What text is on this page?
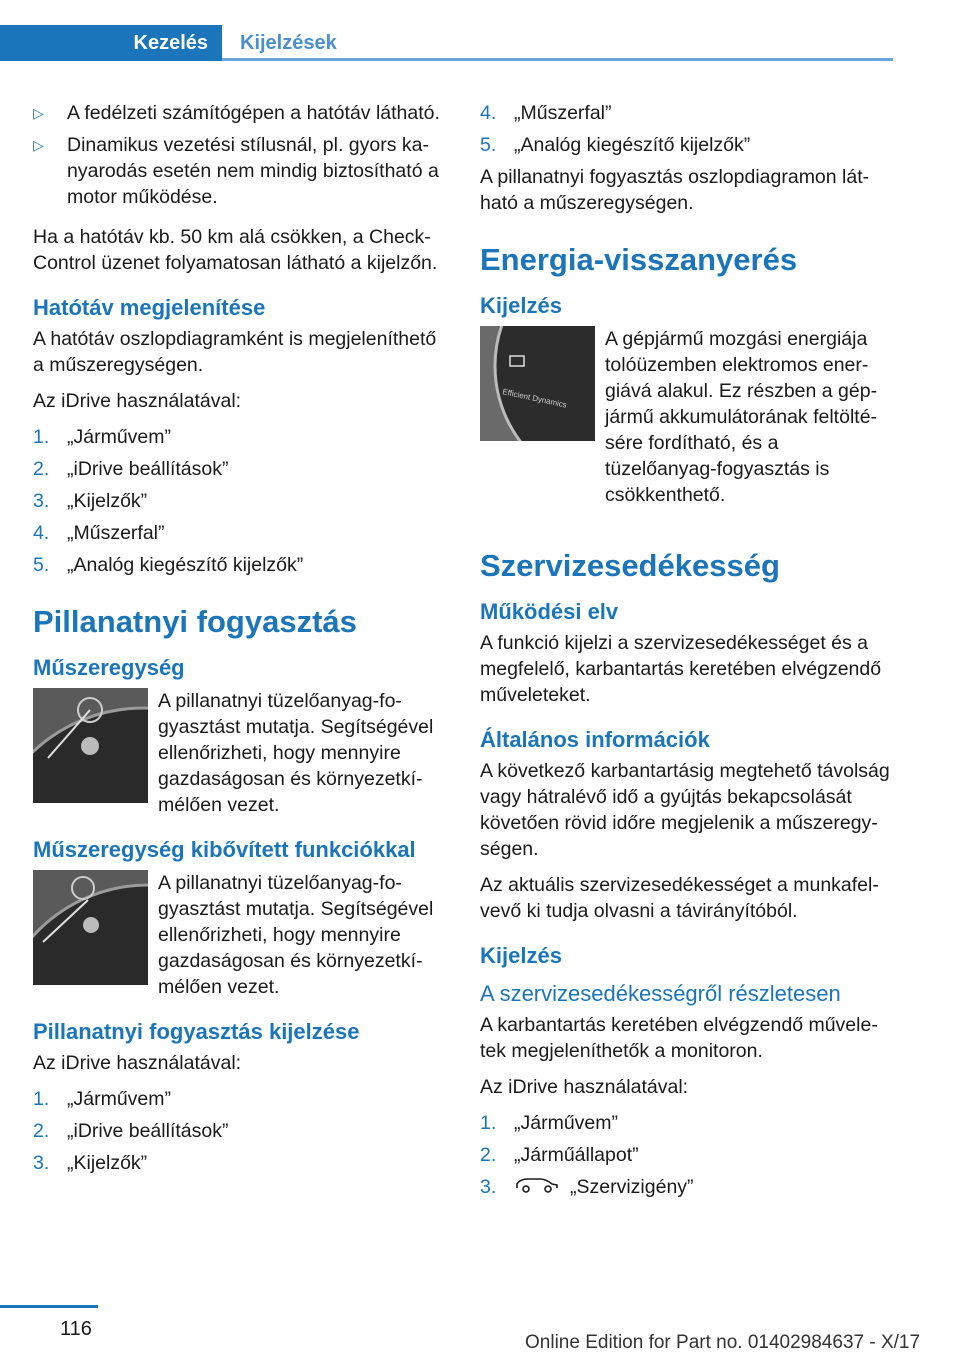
Kezelés	Kijelzések
▷ A fedélzeti számítógépen a hatótáv látható.
▷ Dinamikus vezetési stílusnál, pl. gyors kanyarodás esetén nem mindig biztosítható a motor működése.

Ha a hatótáv kb. 50 km alá csökken, a Check-Control üzenet folyamatosan látható a kijelzőn.

Hatótáv megjelenítése

A hatótáv oszlopdiagramként is megjeleníthető a műszeregységen.

Az iDrive használatával:

1. „Járművem”
2. „iDrive beállítások”
3. „Kijelzők”
4. „Műszerfal”
5. „Analóg kiegészítő kijelzők”
Pillanatnyi fogyasztás
Műszeregység
A pillanatnyi tüzelőanyag-fogyasztást mutatja. Segítségével ellenőrizheti, hogy mennyire gazdaságosan és környezetkímélően vezet.
Műszeregység kibővített funkciókkal
A pillanatnyi tüzelőanyag-fogyasztást mutatja. Segítségével ellenőrizheti, hogy mennyire gazdaságosan és környezetkímélően vezet.
Pillanatnyi fogyasztás kijelzése

Az iDrive használatával:

1. „Járművem”
2. „iDrive beállítások”
3. „Kijelzők”
4. „Műszerfal”
5. „Analóg kiegészítő kijelzők”

A pillanatnyi fogyasztás oszlopdiagramon látható a műszeregységen.

Energia-visszanyerés
Kijelzés
Efficient Dynamics
A gépjármű mozgási energiája tolóüzemben elektromos energiává alakul. Ez részben a gépjármű akkumulátorának feltöltésére fordítható, és a tüzelőanyag-fogyasztás is csökkenthető.
Szervizesedékesség
Működési elv

A funkció kijelzi a szervizesedékességet és a megfelelő, karbantartás keretében elvégzendő műveleteket.

Általános információk

A következő karbantartásig megtehető távolság vagy hátralévő idő a gyújtás bekapcsolását követően rövid időre megjelenik a műszeregységen.

Az aktuális szervizesedékességet a munkafelvevő ki tudja olvasni a távirányítóból.

Kijelzés
A szervizesedékességről részletesen

A karbantartás keretében elvégzendő műveletek megjeleníthetők a monitoron.

Az iDrive használatával:

1. „Járművem”
2. „Járműállapot”
3.	„Szervizigény”
116
Online Edition for Part no. 01402984637 - X/17
